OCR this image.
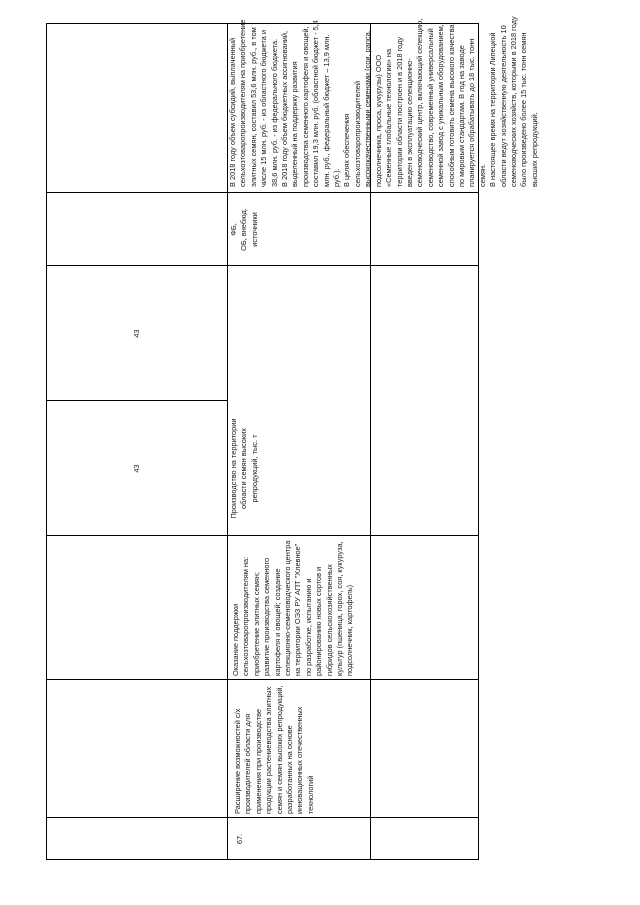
67.
Расширение возможностей с/х производителей области для применения при производстве продукции растениеводства элитных семян и семян высоких репродукций, разработанных на основе инновационных отечественных технологий
Оказание поддержки сельхозтоваропроизводителям на: приобретение элитных семян; развитие производства семенного картофеля и овощей; создание селекционно-семеноводческого центра на территории ОЭЗ РУ АПТ "Хлевное" по разработке, испытанию и районированию новых сортов и гибридов сельскохозяйственных культур (пшеница, горох, соя, кукуруза, подсолнечник, картофель)
43
43
Производство на территории области семян высоких репродукций, тыс. т
ФБ, ОБ, внебюд. источники

В 2018 году объем субсидий, выплаченный сельхозтоваропроизводителям на приобретение элитных семян, составил 53,6 млн. руб., в том числе 15 млн. руб. - из областного бюджета и 38,6 млн. руб. - из федерального бюджета. В 2018 году объем бюджетных ассигнований, выделенный на поддержку развития производства семенного картофеля и овощей, составил 19,3 млн. руб. (областной бюджет - 5,4 млн. руб., федеральный бюджет – 13,9 млн. руб.). В целях обеспечения сельхозтоваропроизводителей высококачественными семенами (сои, рапса, подсолнечника, проса, кукурузы) ООО «Семенные глобальные технологии» на территории области построен и в 2018 году введен в эксплуатацию селекционно-семеноводческий центр, включающий селекцию, семеноводство, современный универсальный семенной завод с уникальным оборудованием, способным готовить семена высокого качества по мировым стандартам. В год на заводе планируется обрабатывать до 18 тыс. тонн семян. В настоящее время на территории Липецкой области ведут хозяйственную деятельность 10 семеноводческих хозяйств, которыми в 2018 году было произведено более 15 тыс. тонн семян высших репродукций.
